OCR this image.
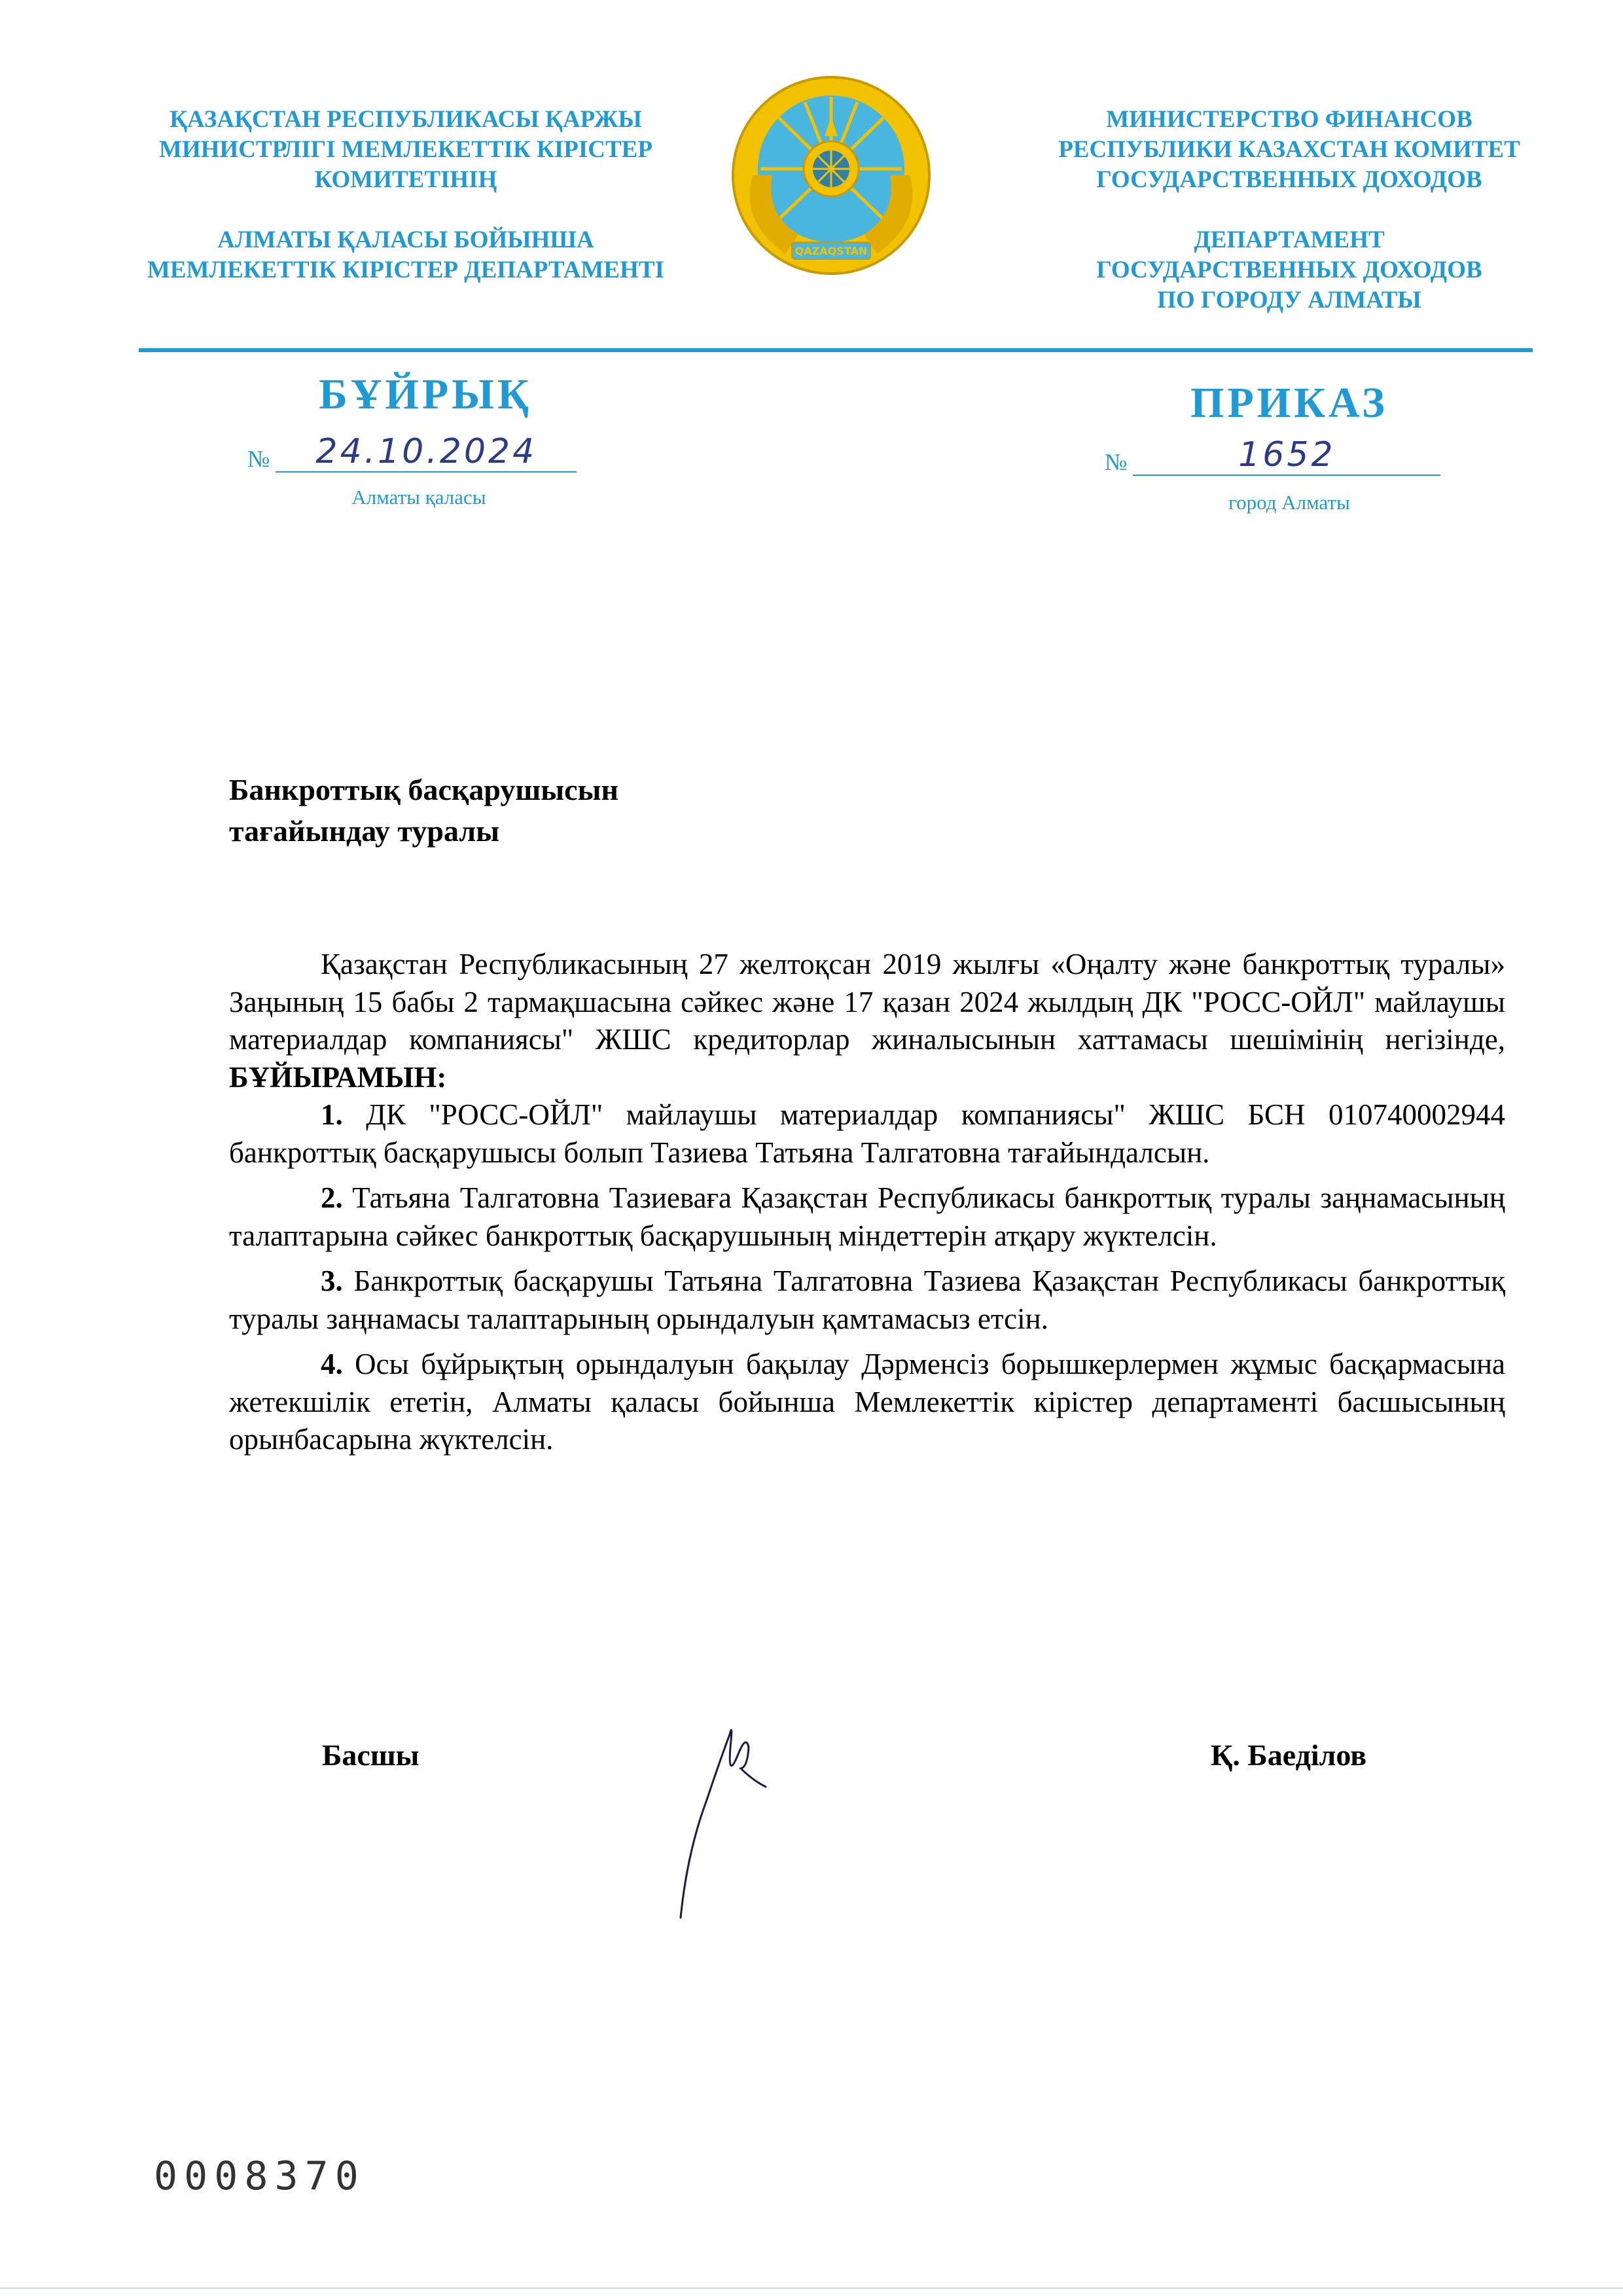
ҚАЗАҚСТАН РЕСПУБЛИКАСЫ ҚАРЖЫ
МИНИСТРЛІГІ МЕМЛЕКЕТТІК КІРІСТЕР
КОМИТЕТІНІҢ
АЛМАТЫ ҚАЛАСЫ БОЙЫНША
МЕМЛЕКЕТТІК КІРІСТЕР ДЕПАРТАМЕНТІ
QAZAQSTAN
МИНИСТЕРСТВО ФИНАНСОВ
РЕСПУБЛИКИ КАЗАХСТАН КОМИТЕТ
ГОСУДАРСТВЕННЫХ ДОХОДОВ
ДЕПАРТАМЕНТ
ГОСУДАРСТВЕННЫХ ДОХОДОВ
ПО ГОРОДУ АЛМАТЫ
БҰЙРЫҚ	ПРИКАЗ
№ 24.10.2024	№	1652
Алматы қаласы	город Алматы
Банкроттық басқарушысын
тағайындау туралы

Қазақстан Республикасының 27 желтоқсан 2019 жылғы «Оңалту және банкроттық туралы» Заңының 15 бабы 2 тармақшасына сәйкес және 17 қазан 2024 жылдың ДК "РОСС-ОЙЛ" майлаушы материалдар компаниясы" ЖШС кредиторлар жиналысынын хаттамасы шешімінің негізінде, БҰЙЫРАМЫН:

1. ДК "РОСС-ОЙЛ" майлаушы материалдар компаниясы" ЖШС БСН 010740002944 банкроттық басқарушысы болып Тазиева Татьяна Талгатовна тағайындалсын.

2. Татьяна Талгатовна Тазиеваға Қазақстан Республикасы банкроттық туралы заңнамасының талаптарына сәйкес банкроттық басқарушының міндеттерін атқару жүктелсін.

3. Банкроттық басқарушы Татьяна Талгатовна Тазиева Қазақстан Республикасы банкроттық туралы заңнамасы талаптарының орындалуын қамтамасыз етсін.

4. Осы бұйрықтың орындалуын бақылау Дәрменсіз борышкерлермен жұмыс басқармасына жетекшілік ететін, Алматы қаласы бойынша Мемлекеттік кірістер департаменті басшысының орынбасарына жүктелсін.

Басшы	Қ. Баеділов
0008370
